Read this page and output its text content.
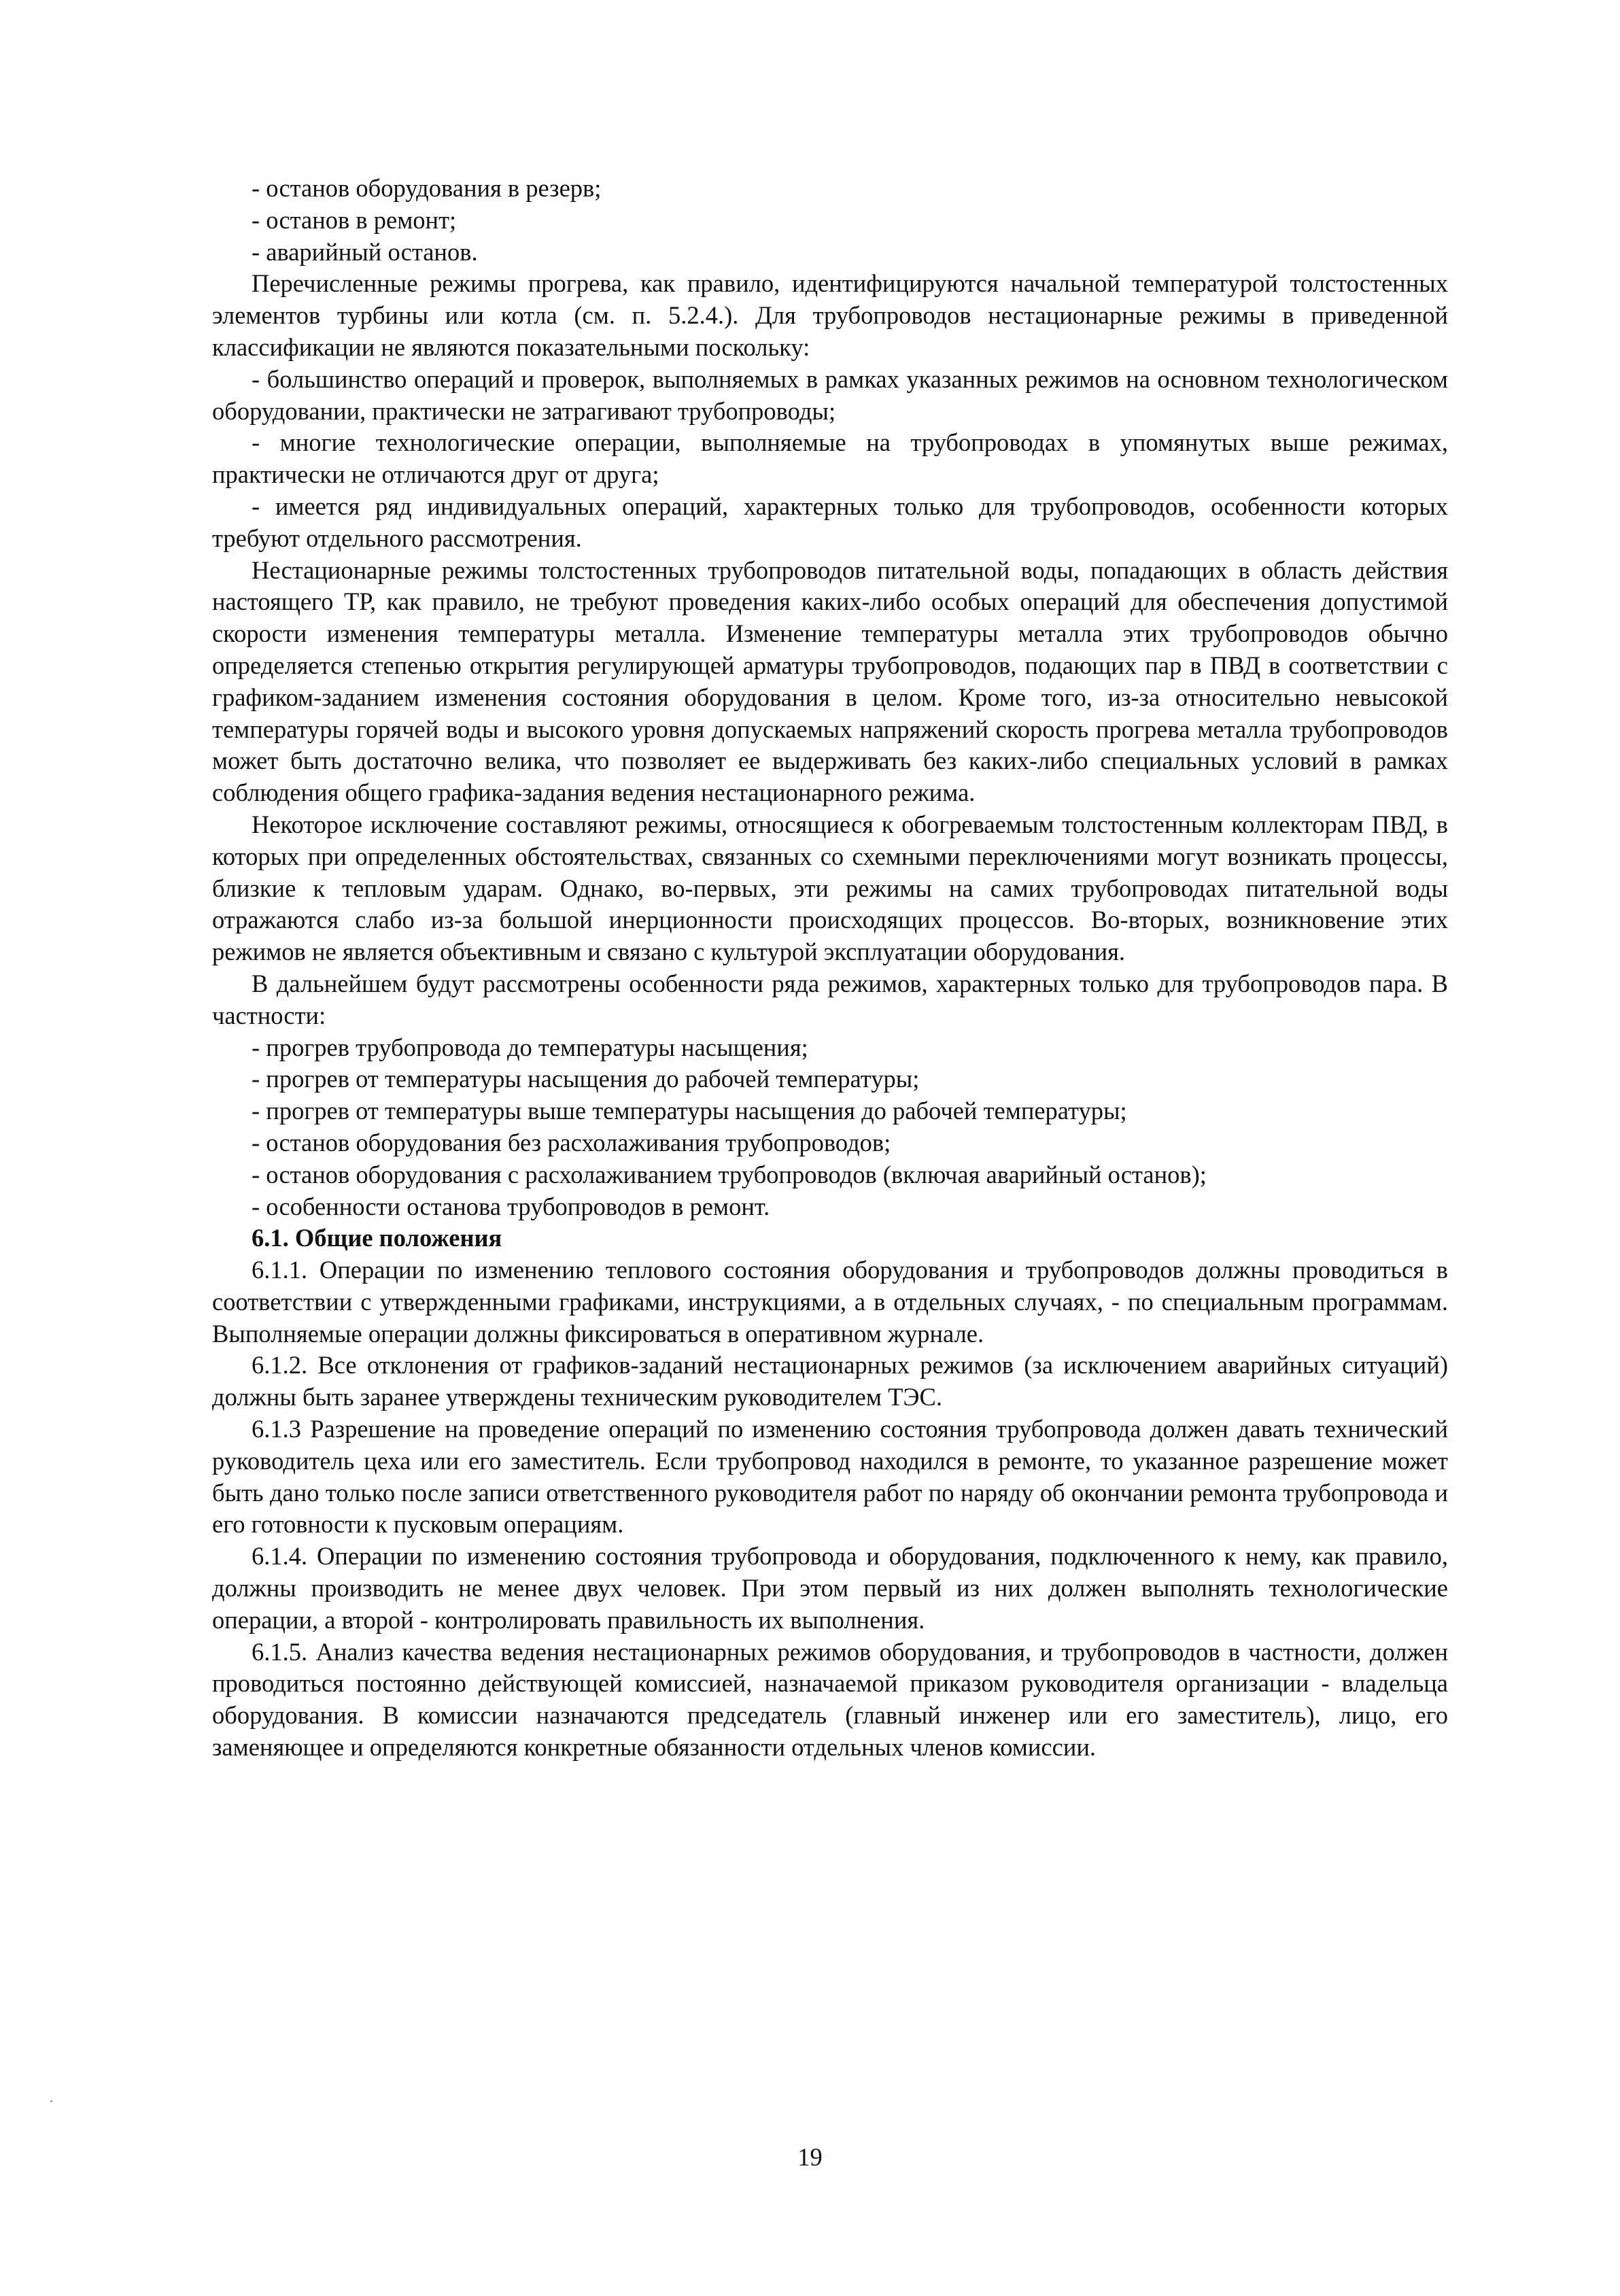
- останов оборудования в резерв;

- останов в ремонт;

- аварийный останов.

Перечисленные режимы прогрева, как правило, идентифицируются начальной температурой толстостенных элементов турбины или котла (см. п. 5.2.4.). Для трубопроводов нестационарные режимы в приведенной классификации не являются показательными поскольку:

- большинство операций и проверок, выполняемых в рамках указанных режимов на основном технологическом оборудовании, практически не затрагивают трубопроводы;

- многие технологические операции, выполняемые на трубопроводах в упомянутых выше режимах, практически не отличаются друг от друга;

- имеется ряд индивидуальных операций, характерных только для трубопроводов, особенности которых требуют отдельного рассмотрения.

Нестационарные режимы толстостенных трубопроводов питательной воды, попадающих в область действия настоящего ТР, как правило, не требуют проведения каких-либо особых операций для обеспечения допустимой скорости изменения температуры металла. Изменение температуры металла этих трубопроводов обычно определяется степенью открытия регулирующей арматуры трубопроводов, подающих пар в ПВД в соответствии с графиком-заданием изменения состояния оборудования в целом. Кроме того, из-за относительно невысокой температуры горячей воды и высокого уровня допускаемых напряжений скорость прогрева металла трубопроводов может быть достаточно велика, что позволяет ее выдерживать без каких-либо специальных условий в рамках соблюдения общего графика-задания ведения нестационарного режима.

Некоторое исключение составляют режимы, относящиеся к обогреваемым толстостенным коллекторам ПВД, в которых при определенных обстоятельствах, связанных со схемными переключениями могут возникать процессы, близкие к тепловым ударам. Однако, во-первых, эти режимы на самих трубопроводах питательной воды отражаются слабо из-за большой инерционности происходящих процессов. Во-вторых, возникновение этих режимов не является объективным и связано с культурой эксплуатации оборудования.

В дальнейшем будут рассмотрены особенности ряда режимов, характерных только для трубопроводов пара. В частности:

- прогрев трубопровода до температуры насыщения;

- прогрев от температуры насыщения до рабочей температуры;

- прогрев от температуры выше температуры насыщения до рабочей температуры;

- останов оборудования без расхолаживания трубопроводов;

- останов оборудования с расхолаживанием трубопроводов (включая аварийный останов);

- особенности останова трубопроводов в ремонт.

6.1. Общие положения

6.1.1. Операции по изменению теплового состояния оборудования и трубопроводов должны проводиться в соответствии с утвержденными графиками, инструкциями, а в отдельных случаях, - по специальным программам. Выполняемые операции должны фиксироваться в оперативном журнале.

6.1.2. Все отклонения от графиков-заданий нестационарных режимов (за исключением аварийных ситуаций) должны быть заранее утверждены техническим руководителем ТЭС.

6.1.3 Разрешение на проведение операций по изменению состояния трубопровода должен давать технический руководитель цеха или его заместитель. Если трубопровод находился в ремонте, то указанное разрешение может быть дано только после записи ответственного руководителя работ по наряду об окончании ремонта трубопровода и его готовности к пусковым операциям.

6.1.4. Операции по изменению состояния трубопровода и оборудования, подключенного к нему, как правило, должны производить не менее двух человек. При этом первый из них должен выполнять технологические операции, а второй - контролировать правильность их выполнения.

6.1.5. Анализ качества ведения нестационарных режимов оборудования, и трубопроводов в частности, должен проводиться постоянно действующей комиссией, назначаемой приказом руководителя организации - владельца оборудования. В комиссии назначаются председатель (главный инженер или его заместитель), лицо, его заменяющее и определяются конкретные обязанности отдельных членов комиссии.

19
